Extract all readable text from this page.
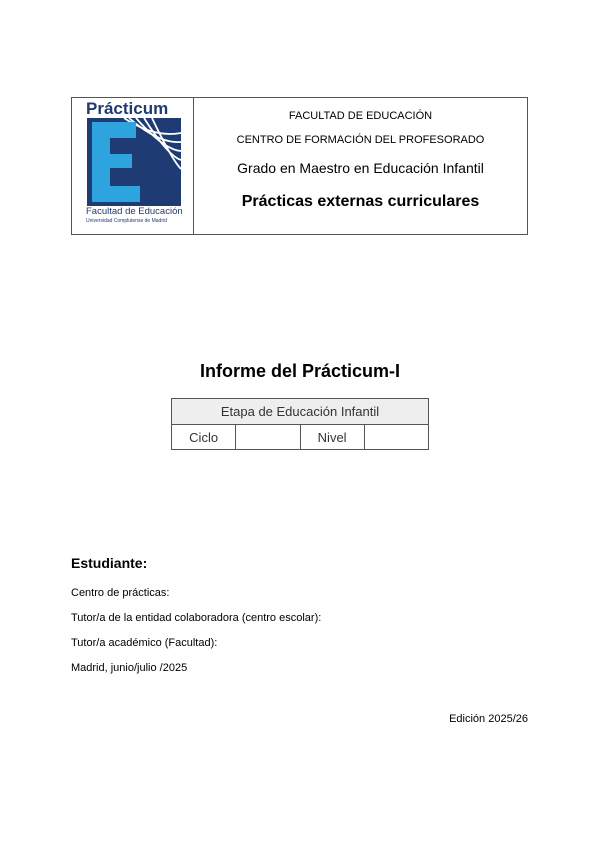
Prácticum
Facultad de Educación
Universidad Complutense de Madrid
FACULTAD DE EDUCACIÓN
CENTRO DE FORMACIÓN DEL PROFESORADO
Grado en Maestro en Educación Infantil
Prácticas externas curriculares
Informe del Prácticum-I
Etapa de Educación Infantil
Ciclo		Nivel	
Estudiante:
Centro de prácticas:
Tutor/a de la entidad colaboradora (centro escolar):
Tutor/a académico (Facultad):
Madrid, junio/julio /2025
Edición 2025/26
